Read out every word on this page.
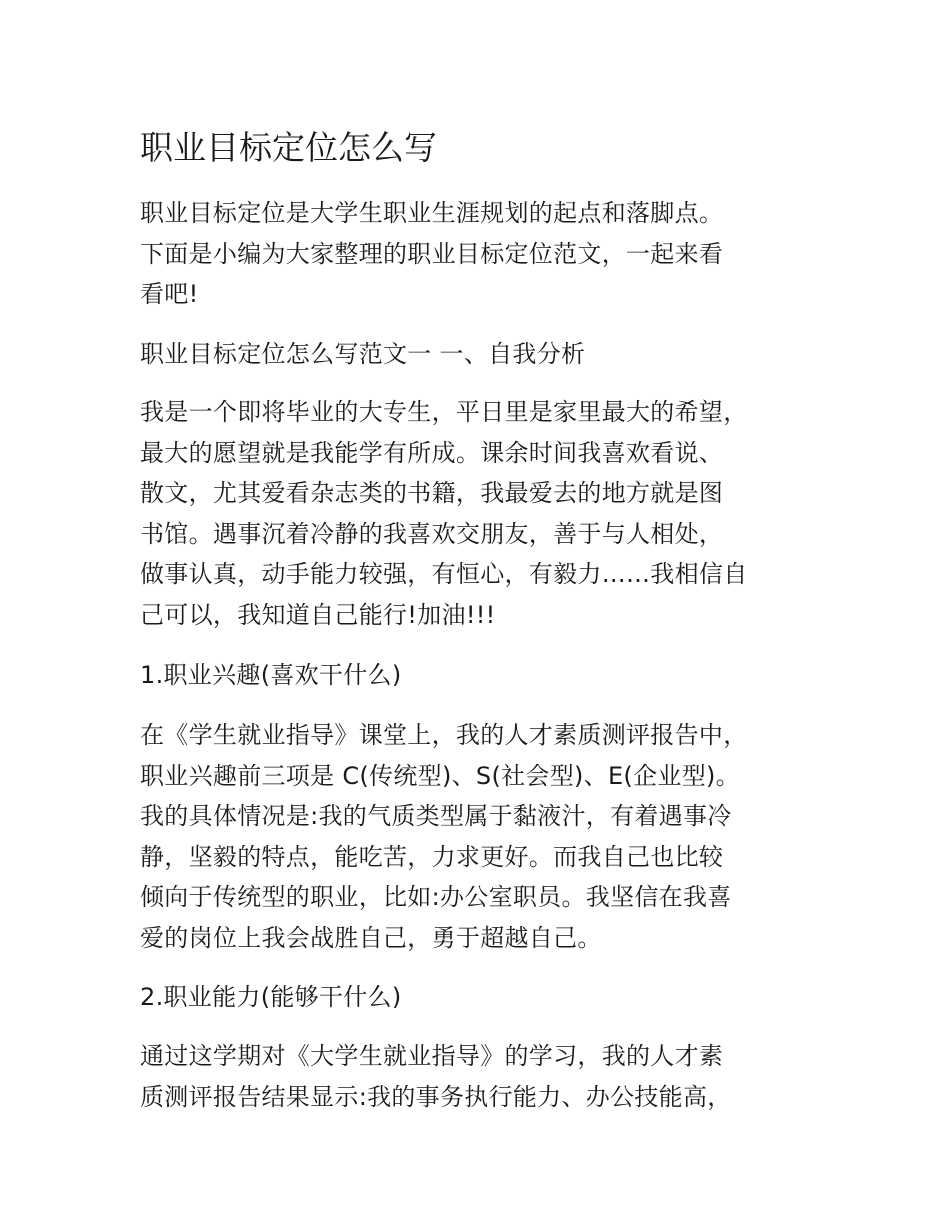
职业目标定位怎么写

职业目标定位是大学生职业生涯规划的起点和落脚点。
下面是小编为大家整理的职业目标定位范文，一起来看
看吧!

职业目标定位怎么写范文一 一、自我分析

我是一个即将毕业的大专生，平日里是家里最大的希望，
最大的愿望就是我能学有所成。课余时间我喜欢看说、
散文，尤其爱看杂志类的书籍，我最爱去的地方就是图
书馆。遇事沉着冷静的我喜欢交朋友，善于与人相处，
做事认真，动手能力较强，有恒心，有毅力……我相信自
己可以，我知道自己能行!加油!!!

1.职业兴趣(喜欢干什么)

在《学生就业指导》课堂上，我的人才素质测评报告中，
职业兴趣前三项是 C(传统型)、S(社会型)、E(企业型)。
我的具体情况是:我的气质类型属于黏液汁，有着遇事冷
静，坚毅的特点，能吃苦，力求更好。而我自己也比较
倾向于传统型的职业，比如:办公室职员。我坚信在我喜
爱的岗位上我会战胜自己，勇于超越自己。

2.职业能力(能够干什么)

通过这学期对《大学生就业指导》的学习，我的人才素
质测评报告结果显示:我的事务执行能力、办公技能高，
